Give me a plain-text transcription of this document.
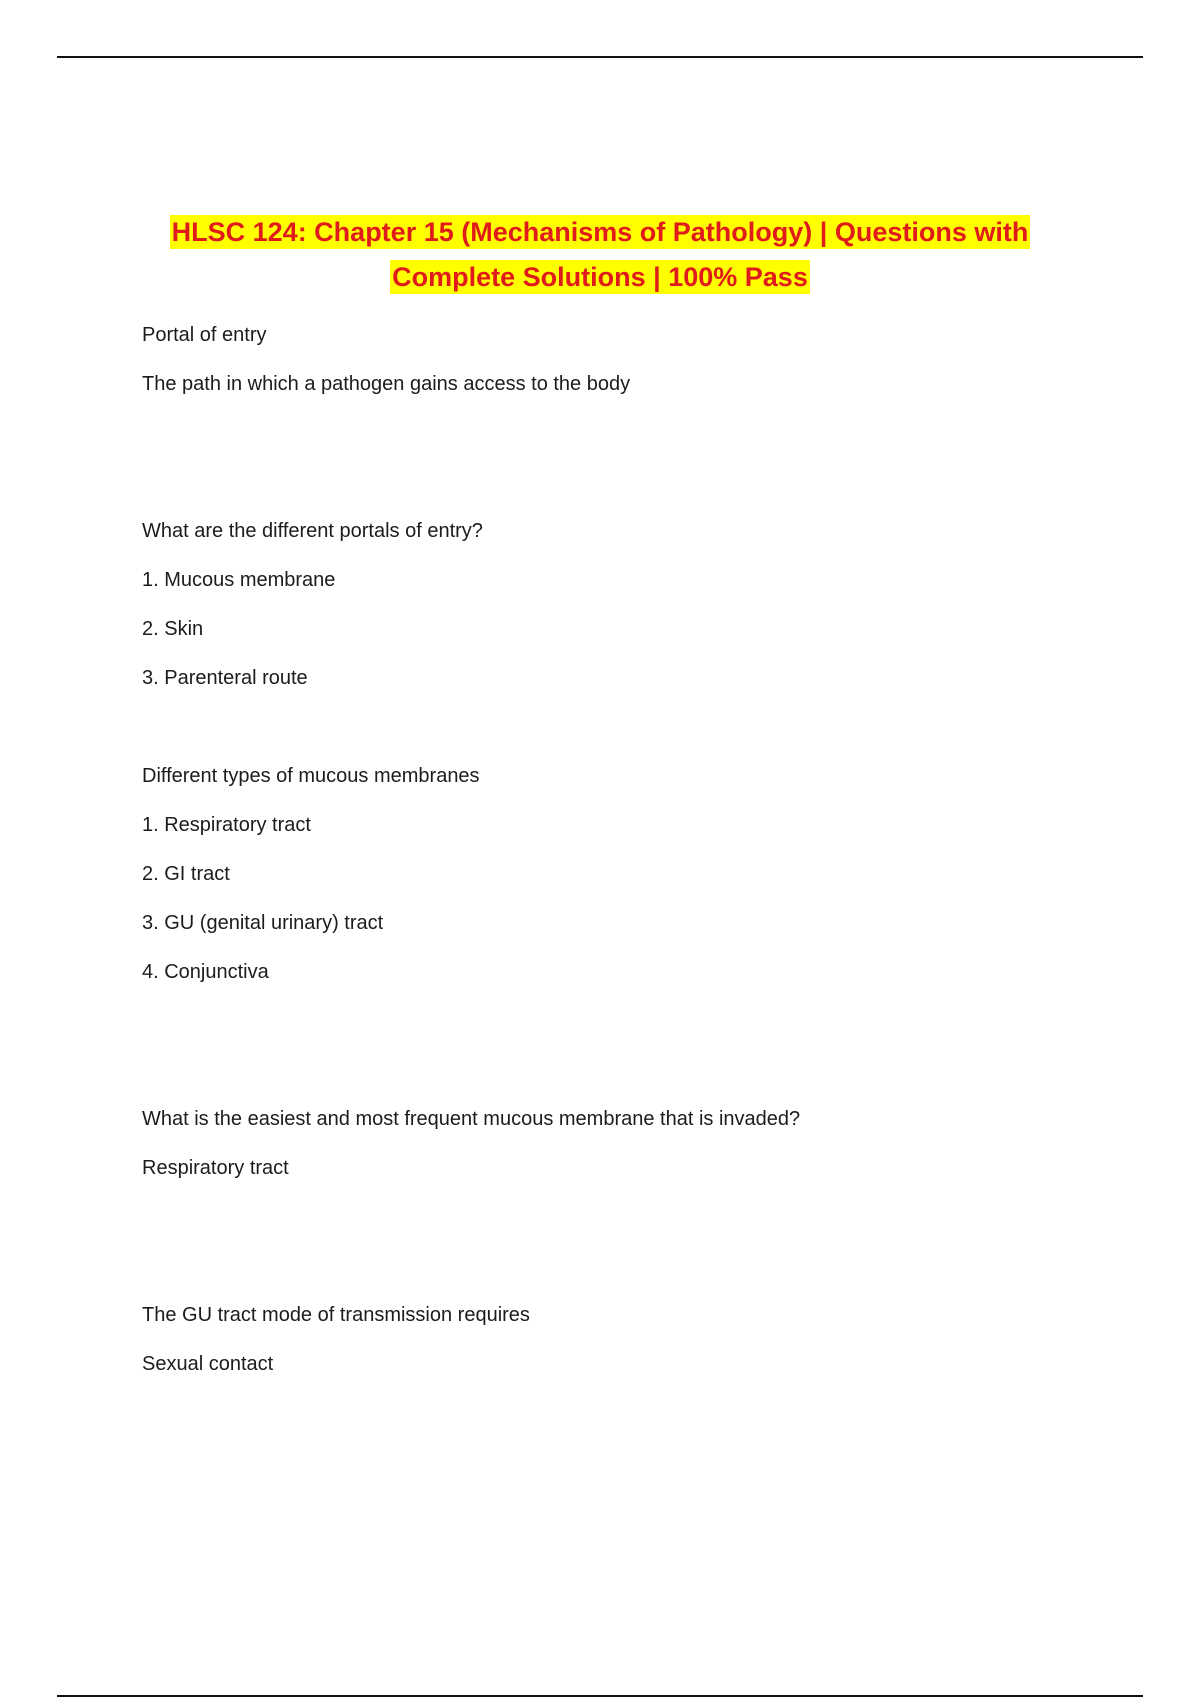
HLSC 124: Chapter 15 (Mechanisms of Pathology) | Questions with
Complete Solutions | 100% Pass
Portal of entry
The path in which a pathogen gains access to the body
What are the different portals of entry?
1. Mucous membrane
2. Skin
3. Parenteral route
Different types of mucous membranes
1. Respiratory tract
2. GI tract
3. GU (genital urinary) tract
4. Conjunctiva
What is the easiest and most frequent mucous membrane that is invaded?
Respiratory tract
The GU tract mode of transmission requires
Sexual contact
